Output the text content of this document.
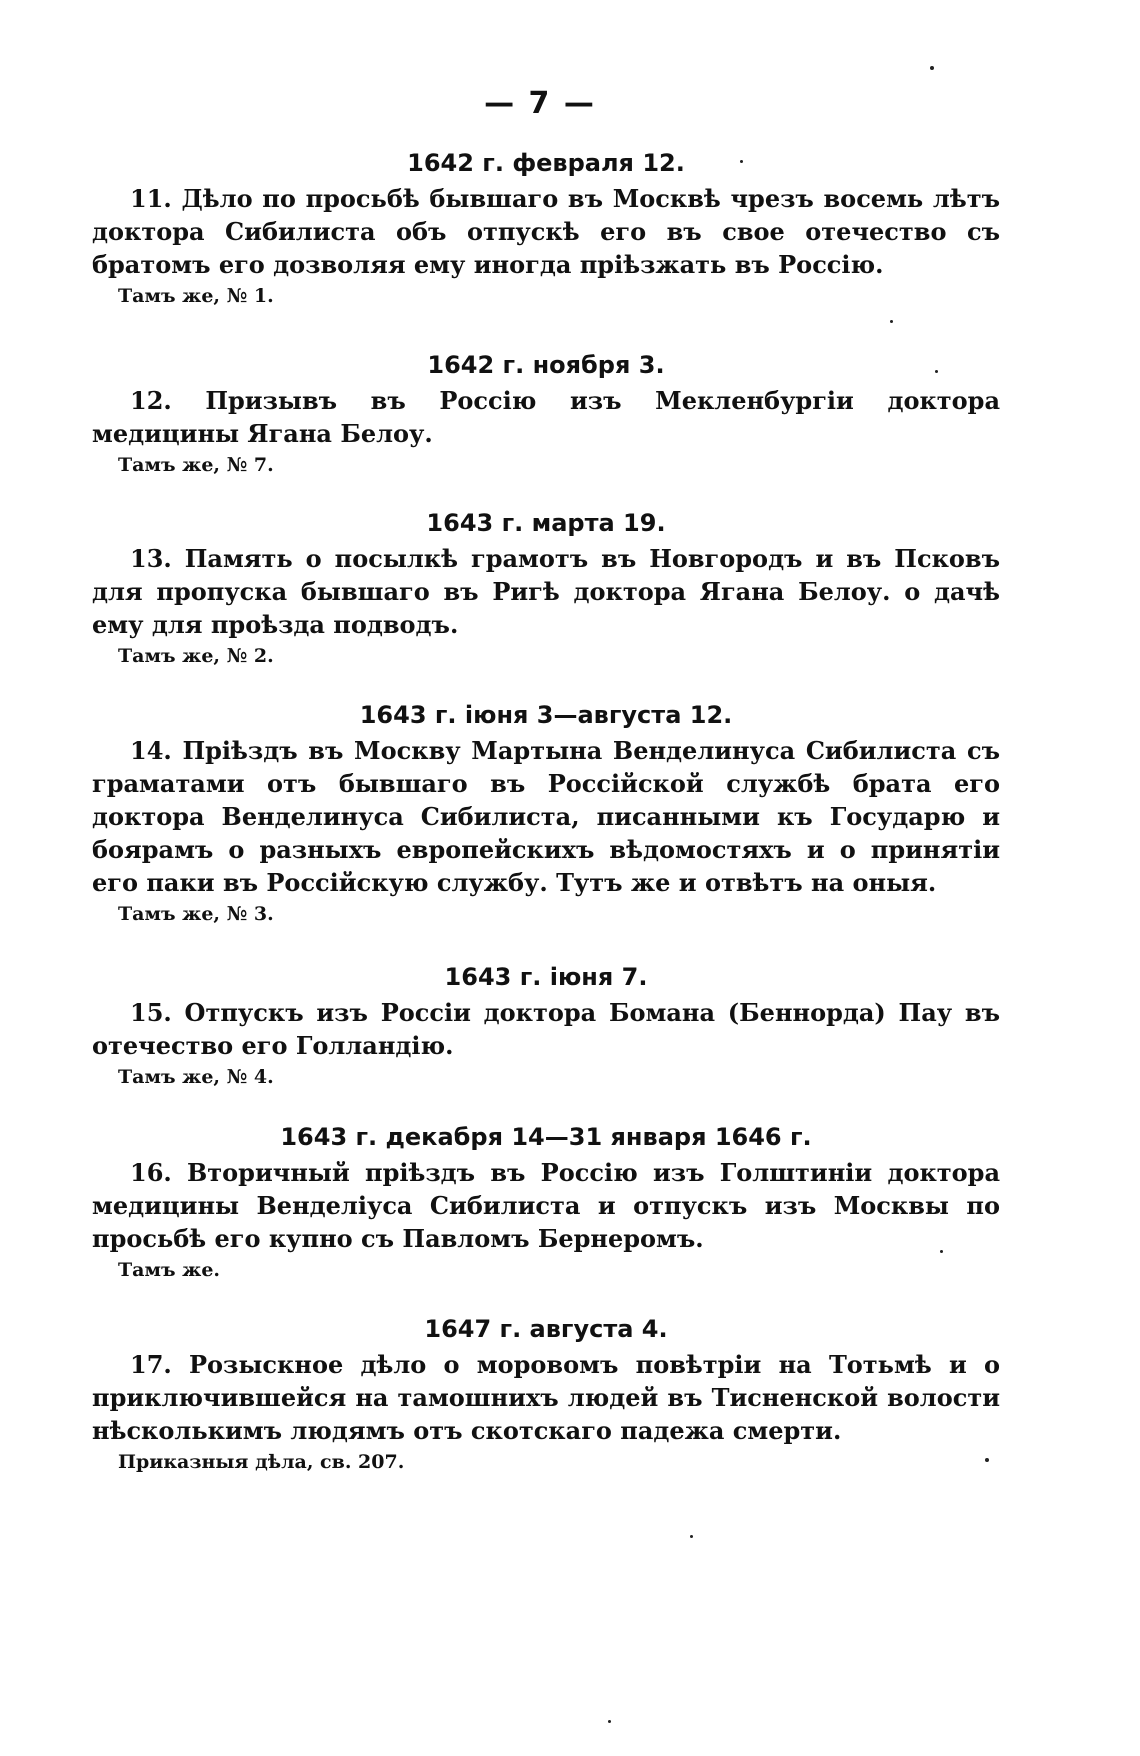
— 7 —
1642 г. февраля 12.
11. Дѣло по просьбѣ бывшаго въ Москвѣ чрезъ восемь лѣтъ доктора Сибилиста объ отпускѣ его въ свое отечество съ братомъ его дозволяя ему иногда пріѣзжать въ Россію.
Тамъ же, № 1.
1642 г. ноября 3.
12. Призывъ въ Россію изъ Мекленбургіи доктора медицины Ягана Белоу.
Тамъ же, № 7.
1643 г. марта 19.
13. Память о посылкѣ грамотъ въ Новгородъ и въ Псковъ для пропуска бывшаго въ Ригѣ доктора Ягана Белоу. о дачѣ ему для проѣзда подводъ.
Тамъ же, № 2.
1643 г. іюня 3—августа 12.
14. Пріѣздъ въ Москву Мартына Венделинуса Сибилиста съ граматами отъ бывшаго въ Россійской службѣ брата его доктора Венделинуса Сибилиста, писанными къ Государю и боярамъ о разныхъ европейскихъ вѣдомостяхъ и о принятіи его паки въ Россійскую службу. Тутъ же и отвѣтъ на оныя.
Тамъ же, № 3.
1643 г. іюня 7.
15. Отпускъ изъ Россіи доктора Бомана (Беннорда) Пау въ отечество его Голландію.
Тамъ же, № 4.
1643 г. декабря 14—31 января 1646 г.
16. Вторичный пріѣздъ въ Россію изъ Голштиніи доктора медицины Венделіуса Сибилиста и отпускъ изъ Москвы по просьбѣ его купно съ Павломъ Бернеромъ.
Тамъ же.
1647 г. августа 4.
17. Розыскное дѣло о моровомъ повѣтріи на Тотьмѣ и о приключившейся на тамошнихъ людей въ Тисненской волости нѣсколькимъ людямъ отъ скотскаго падежа смерти.
Приказныя дѣла, св. 207.
